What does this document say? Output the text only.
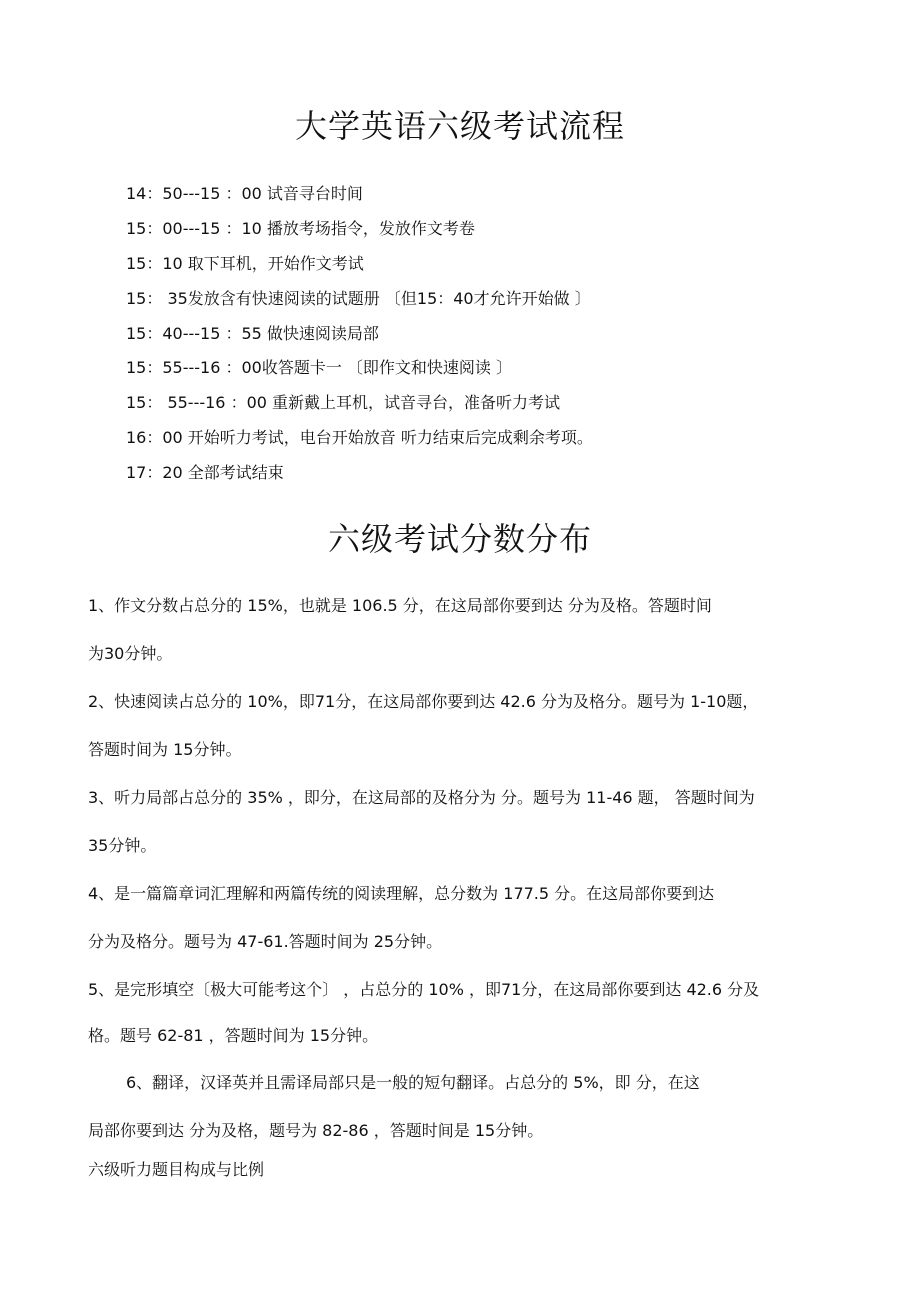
大学英语六级考试流程
14：50---15 ：00 试音寻台时间
15：00---15 ：10 播放考场指令，发放作文考卷
15：10 取下耳机，开始作文考试
15： 35发放含有快速阅读的试题册 〔但15：40才允许开始做 〕
15：40---15 ：55 做快速阅读局部
15：55---16 ：00收答题卡一 〔即作文和快速阅读 〕
15： 55---16 ：00 重新戴上耳机，试音寻台，准备听力考试
16：00 开始听力考试，电台开始放音 听力结束后完成剩余考项。
17：20 全部考试结束
六级考试分数分布

1、作文分数占总分的 15%，也就是 106.5 分，在这局部你要到达 分为及格。答题时间

为30分钟。

2、快速阅读占总分的 10%，即71分，在这局部你要到达 42.6 分为及格分。题号为 1-10题，

答题时间为 15分钟。

3、听力局部占总分的 35% ，即分，在这局部的及格分为 分。题号为 11-46 题， 答题时间为

35分钟。

4、是一篇篇章词汇理解和两篇传统的阅读理解，总分数为 177.5 分。在这局部你要到达

分为及格分。题号为 47-61.答题时间为 25分钟。

5、是完形填空〔极大可能考这个〕 ，占总分的 10% ，即71分，在这局部你要到达 42.6 分及

格。题号 62-81 ，答题时间为 15分钟。

6、翻译，汉译英并且需译局部只是一般的短句翻译。占总分的 5%，即 分，在这

局部你要到达 分为及格，题号为 82-86 ，答题时间是 15分钟。

六级听力题目构成与比例
